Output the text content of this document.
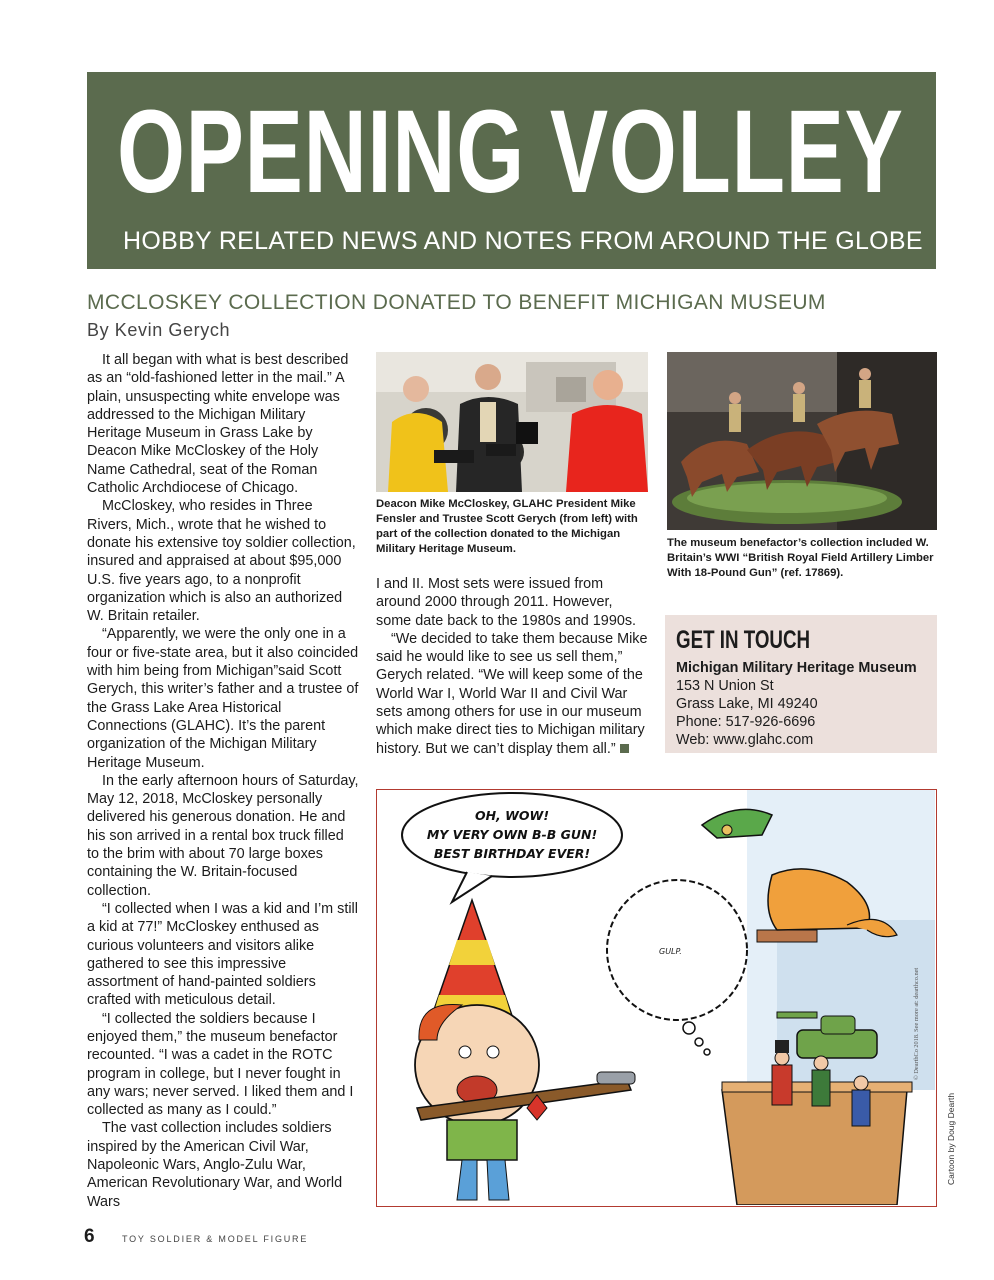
OPENING VOLLEY
HOBBY RELATED NEWS AND NOTES FROM AROUND THE GLOBE
MCCLOSKEY COLLECTION DONATED TO BENEFIT MICHIGAN MUSEUM
By Kevin Gerych

It all began with what is best described as an “old-fashioned letter in the mail.” A plain, unsuspecting white envelope was addressed to the Michigan Military Heritage Museum in Grass Lake by Deacon Mike McCloskey of the Holy Name Cathedral, seat of the Roman Catholic Archdiocese of Chicago.

McCloskey, who resides in Three Rivers, Mich., wrote that he wished to donate his extensive toy soldier collection, insured and appraised at about $95,000 U.S. five years ago, to a nonprofit organization which is also an authorized W. Britain retailer.

“Apparently, we were the only one in a four or five-state area, but it also coincided with him being from Michigan”said Scott Gerych, this writer’s father and a trustee of the Grass Lake Area Historical Connections (GLAHC). It’s the parent organization of the Michigan Military Heritage Museum.

In the early afternoon hours of Saturday, May 12, 2018, McCloskey personally delivered his generous donation. He and his son arrived in a rental box truck filled to the brim with about 70 large boxes containing the W. Britain-focused collection.

“I collected when I was a kid and I’m still a kid at 77!” McCloskey enthused as curious volunteers and visitors alike gathered to see this impressive assortment of hand-painted soldiers crafted with meticulous detail.

“I collected the soldiers because I enjoyed them,” the museum benefactor recounted. “I was a cadet in the ROTC program in college, but I never fought in any wars; never served. I liked them and I collected as many as I could.”

The vast collection includes soldiers inspired by the American Civil War, Napoleonic Wars, Anglo-Zulu War, American Revolutionary War, and World Wars

Deacon Mike McCloskey, GLAHC President Mike Fensler and Trustee Scott Gerych (from left) with part of the collection donated to the Michigan Military Heritage Museum.	The museum benefactor’s collection included W. Britain’s WWI “British Royal Field Artillery Limber With 18-Pound Gun” (ref. 17869).

I and II. Most sets were issued from around 2000 through 2011. However, some date back to the 1980s and 1990s.

“We decided to take them because Mike said he would like to see us sell them,” Gerych related. “We will keep some of the World War I, World War II and Civil War sets among others for use in our museum which make direct ties to Michigan military history. But we can’t display them all.”

GET IN TOUCH
Michigan Military Heritage Museum
153 N Union St
Grass Lake, MI 49240
Phone: 517-926-6696
Web: www.glahc.com
OH, WOW!
MY VERY OWN B-B GUN!
BEST BIRTHDAY EVER!
GULP.
© DearthCo 2018. See more at: dearthco.net
Cartoon by Doug Dearth
6	TOY SOLDIER & MODEL FIGURE
